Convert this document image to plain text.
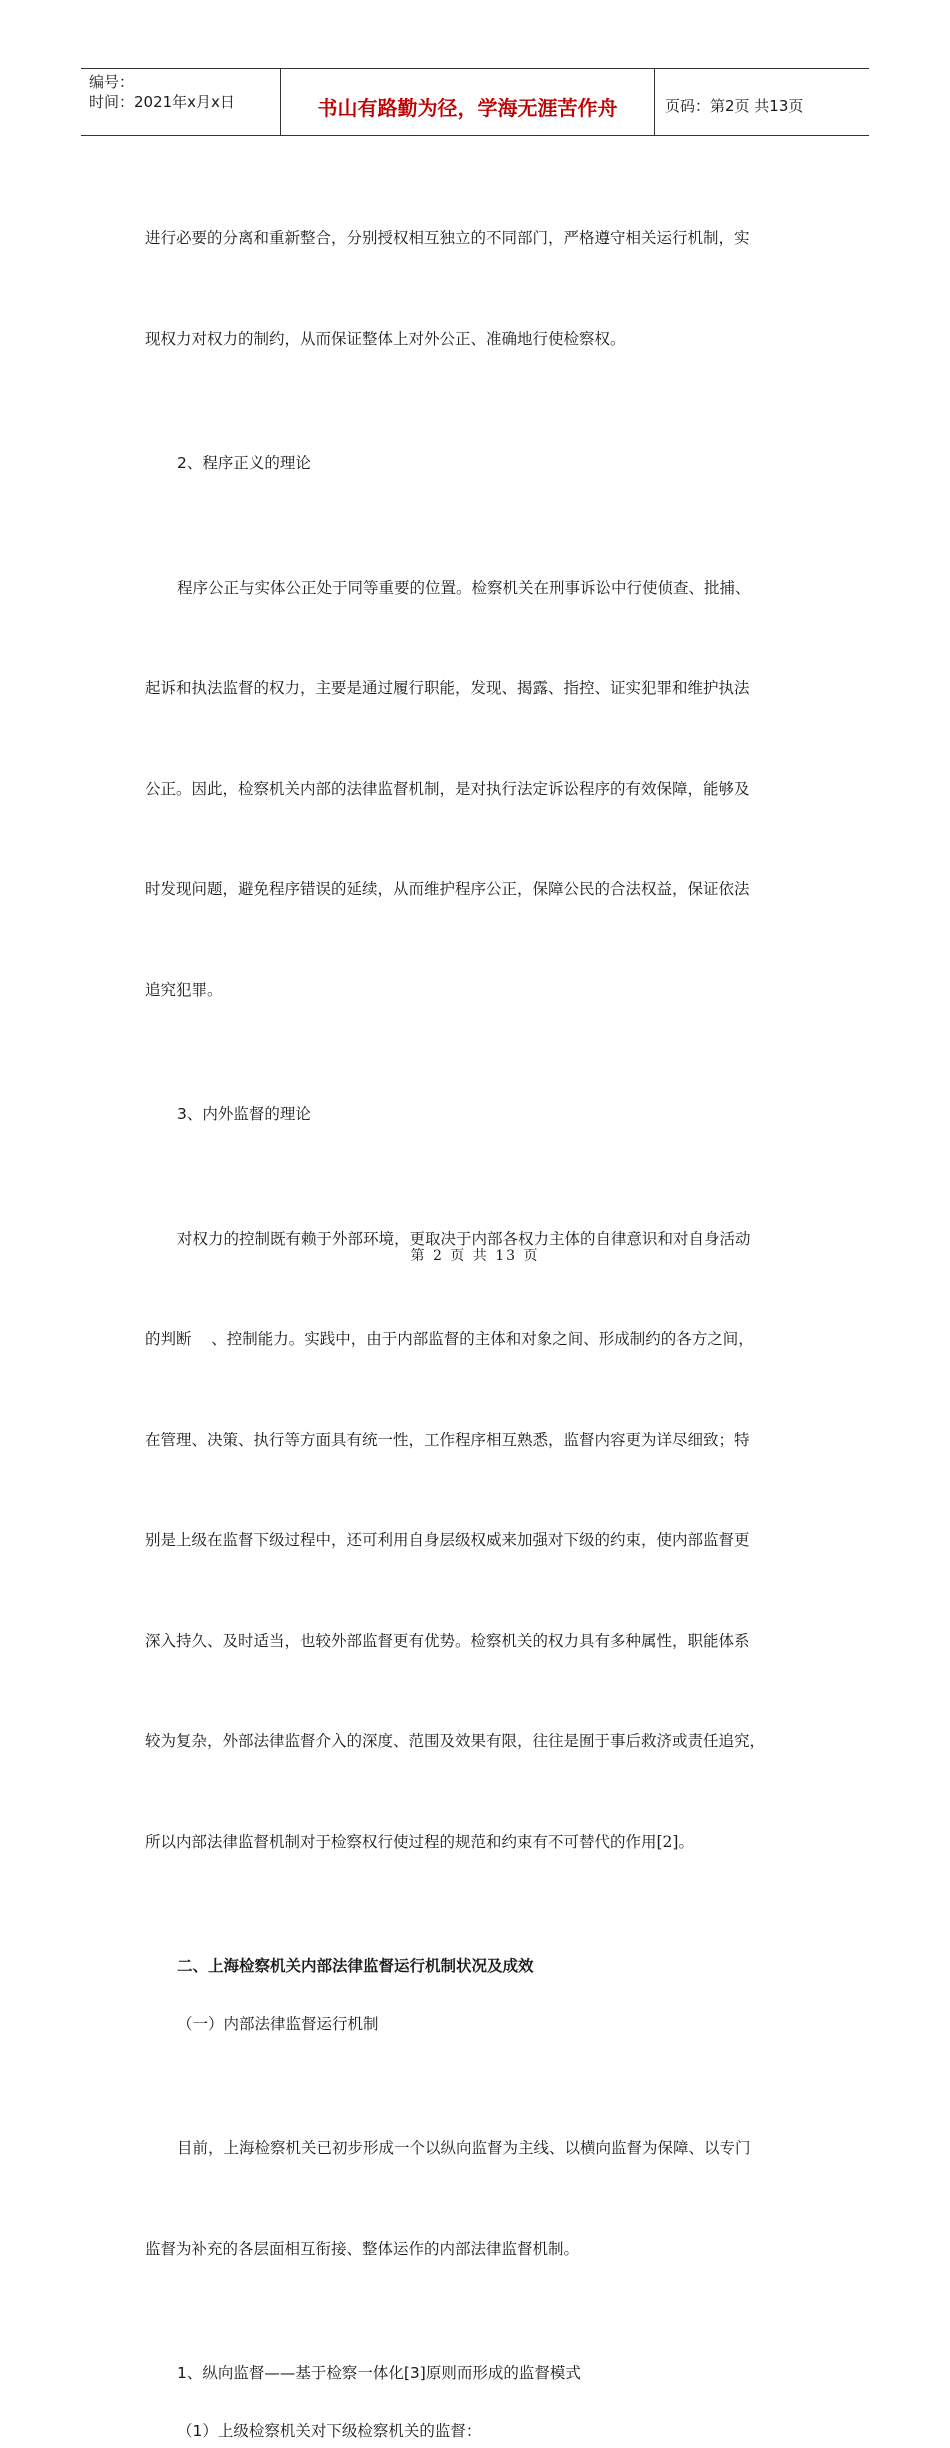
编号：
时间：2021年x月x日	书山有路勤为径，学海无涯苦作舟	页码：第2页 共13页

进行必要的分离和重新整合，分别授权相互独立的不同部门，严格遵守相关运行机制，实

现权力对权力的制约，从而保证整体上对外公正、准确地行使检察权。

2、程序正义的理论

程序公正与实体公正处于同等重要的位置。检察机关在刑事诉讼中行使侦查、批捕、

起诉和执法监督的权力，主要是通过履行职能，发现、揭露、指控、证实犯罪和维护执法

公正。因此，检察机关内部的法律监督机制，是对执行法定诉讼程序的有效保障，能够及

时发现问题，避免程序错误的延续，从而维护程序公正，保障公民的合法权益，保证依法

追究犯罪。

3、内外监督的理论

对权力的控制既有赖于外部环境，更取决于内部各权力主体的自律意识和对自身活动

的判断    、控制能力。实践中，由于内部监督的主体和对象之间、形成制约的各方之间，

在管理、决策、执行等方面具有统一性，工作程序相互熟悉，监督内容更为详尽细致；特

别是上级在监督下级过程中，还可利用自身层级权威来加强对下级的约束，使内部监督更

深入持久、及时适当，也较外部监督更有优势。检察机关的权力具有多种属性，职能体系

较为复杂，外部法律监督介入的深度、范围及效果有限，往往是囿于事后救济或责任追究，

所以内部法律监督机制对于检察权行使过程的规范和约束有不可替代的作用[2]。

二、上海检察机关内部法律监督运行机制状况及成效

（一）内部法律监督运行机制

目前，上海检察机关已初步形成一个以纵向监督为主线、以横向监督为保障、以专门

监督为补充的各层面相互衔接、整体运作的内部法律监督机制。

1、纵向监督——基于检察一体化[3]原则而形成的监督模式

（1）上级检察机关对下级检察机关的监督：

第 2 页 共 13 页
